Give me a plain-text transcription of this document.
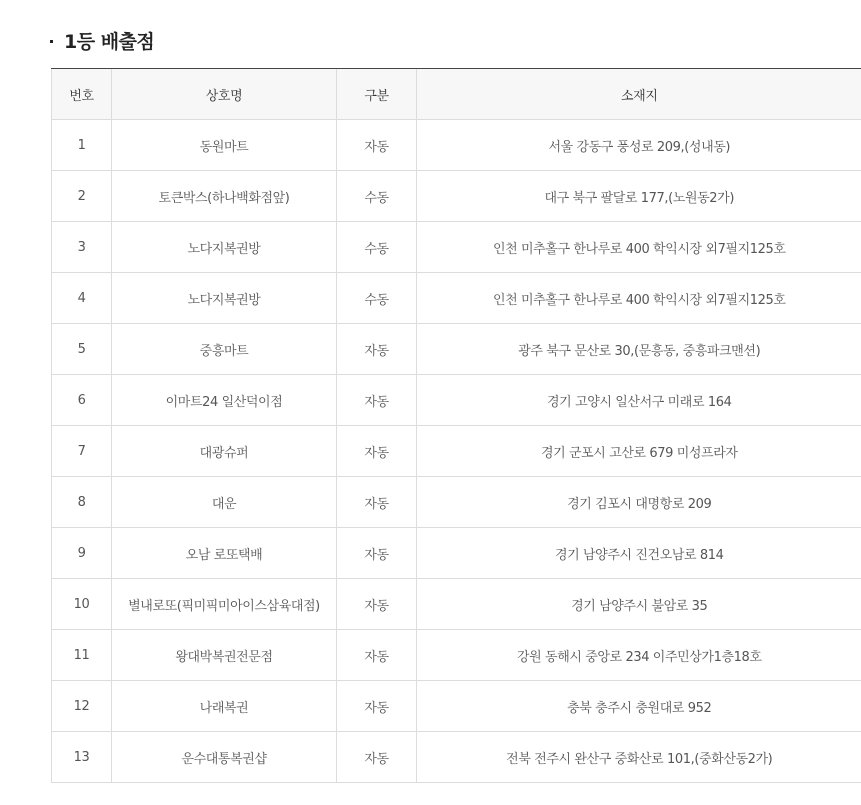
1등 배출점
번호	상호명	구분	소재지
1	동원마트	자동	서울 강동구 풍성로 209,(성내동)
2	토큰박스(하나백화점앞)	수동	대구 북구 팔달로 177,(노원동2가)
3	노다지복권방	수동	인천 미추홀구 한나루로 400 학익시장 외7필지125호
4	노다지복권방	수동	인천 미추홀구 한나루로 400 학익시장 외7필지125호
5	중흥마트	자동	광주 북구 문산로 30,(문흥동, 중흥파크맨션)
6	이마트24 일산덕이점	자동	경기 고양시 일산서구 미래로 164
7	대광슈퍼	자동	경기 군포시 고산로 679 미성프라자
8	대운	자동	경기 김포시 대명항로 209
9	오남 로또택배	자동	경기 남양주시 진건오남로 814
10	별내로또(픽미픽미아이스삼육대점)	자동	경기 남양주시 불암로 35
11	왕대박복권전문점	자동	강원 동해시 중앙로 234 이주민상가1층18호
12	나래복권	자동	충북 충주시 충원대로 952
13	운수대통복권샵	자동	전북 전주시 완산구 중화산로 101,(중화산동2가)
